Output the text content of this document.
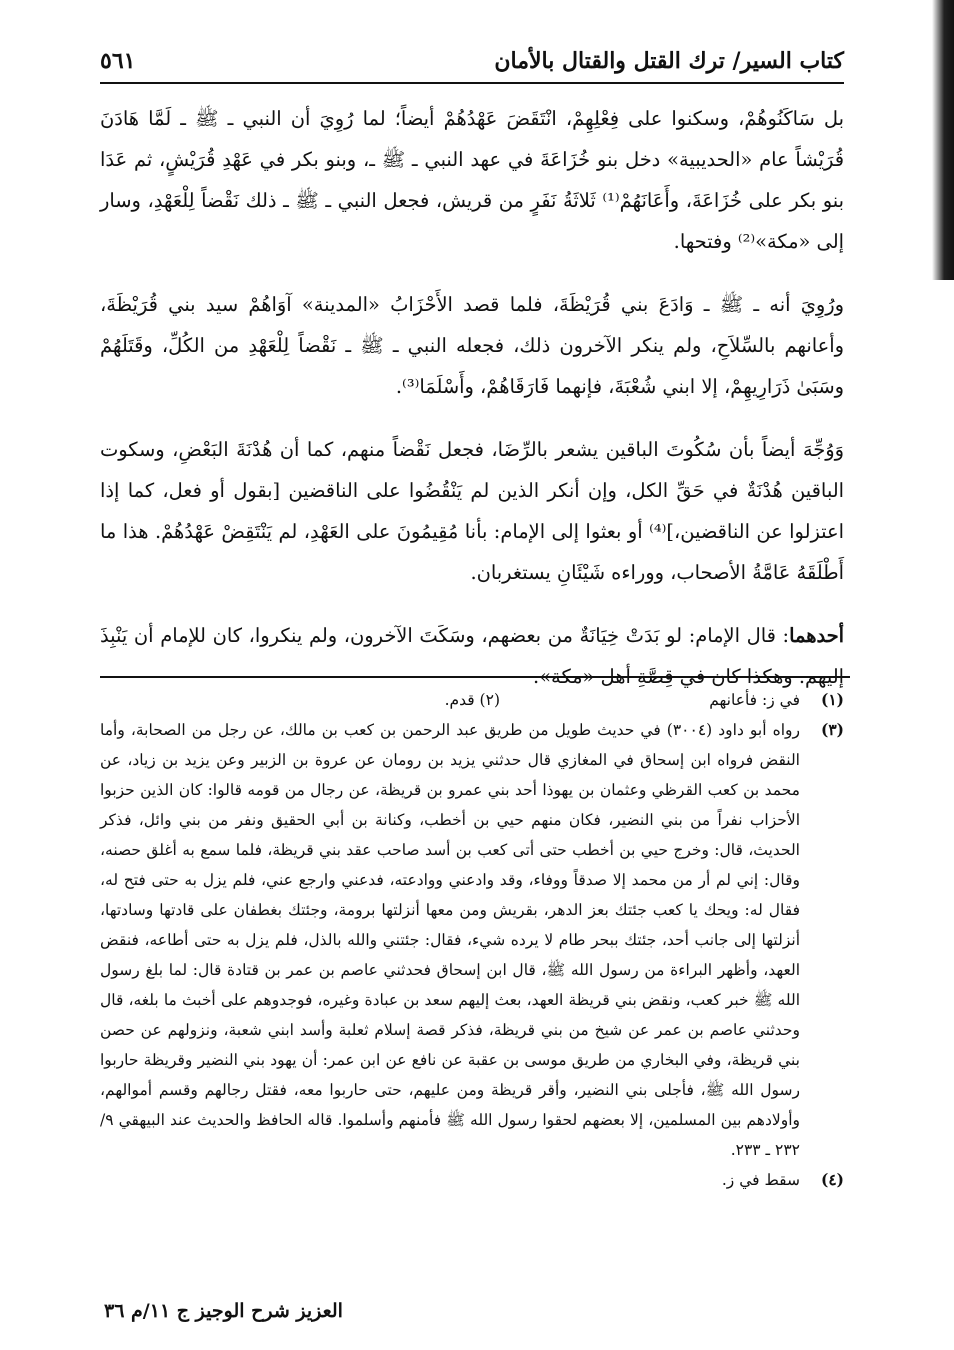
كتاب السير/ ترك القتل والقتال بالأمان
٥٦١

بل سَاكَنُوهُمْ، وسكنوا على فِعْلِهِمْ، انْتَقَضَ عَهْدُهُمْ أيضاً؛ لما رُوِيَ أن النبي ـ ﷺ ـ لَمَّا هَادَنَ قُرَيْشاً عام «الحديبية» دخل بنو خُزَاعَةَ في عهد النبي ـ ﷺ ـ، وبنو بكر في عَهْدِ قُرَيْشٍ، ثم عَدَا بنو بكر على خُزَاعَةَ، وأَعَانَهُمْ⁽¹⁾ ثَلاثَةُ نَفَرٍ من قريش، فجعل النبي ـ ﷺ ـ ذلك نَقْضاً لِلْعَهْدِ، وسار إلى «مكة»⁽²⁾ وفتحها.

ورُوِيَ أنه ـ ﷺ ـ وَادَعَ بني قُرَيْظَةَ، فلما قصد الأَحْزَابُ «المدينة» آوَاهُمْ سيد بني قُرَيْظَةَ، وأعانهم بالسِّلاَحِ، ولم ينكر الآخرون ذلك، فجعله النبي ـ ﷺ ـ نَقْضاً لِلْعَهْدِ من الكُلِّ، وقَتَلَهُمْ وسَبَىٰ ذَرَارِيهِمْ، إلا ابني شُعْبَةَ، فإنهما فَارَقَاهُمْ، وأَسْلَمَا⁽³⁾.

وَوُجِّهَ أيضاً بأن سُكُوتَ الباقين يشعر بالرِّضَا، فجعل نَقْضاً منهم، كما أن هُدْنَةَ البَعْضِ، وسكوت الباقين هُدْنَةٌ في حَقِّ الكل، وإن أنكر الذين لم يَنْقُضُوا على الناقضين [بقول أو فعل، كما إذا اعتزلوا عن الناقضين،]⁽⁴⁾ أو بعثوا إلى الإمام: بأنا مُقِيمُونَ على العَهْدِ، لم يَنْتَقِضْ عَهْدُهُمْ. هذا ما أَطْلَقَهُ عَامَّةُ الأصحاب، ووراءه شَيْئَانِ يستغربان.

أحدهما: قال الإمام: لو بَدَتْ خِيَانَةٌ من بعضهم، وسَكَتَ الآخرون، ولم ينكروا، كان للإمام أن يَنْبِذَ إليهم. وهكذا كان في قِصَّةِ أهل «مكة».

(١)
في ز: فأعانهم
(٢) قدم.
(٣)
رواه أبو داود (٣٠٠٤) في حديث طويل من طريق عبد الرحمن بن كعب بن مالك، عن رجل من الصحابة، وأما النقض فرواه ابن إسحاق في المغازي قال حدثني يزيد بن رومان عن عروة بن الزبير وعن يزيد بن زياد، عن محمد بن كعب القرظي وعثمان بن يهوذا أحد بني عمرو بن قريظة، عن رجال من قومه قالوا: كان الذين حزبوا الأحزاب نفراً من بني النضير، فكان منهم حيي بن أخطب، وكنانة بن أبي الحقيق ونفر من بني وائل، فذكر الحديث، قال: وخرج حيي بن أخطب حتى أتى كعب بن أسد صاحب عقد بني قريظة، فلما سمع به أغلق حصنه، وقال: إني لم أر من محمد إلا صدقاً ووفاء، وقد وادعني ووادعته، فدعني وارجع عني، فلم يزل به حتى فتح له، فقال له: ويحك يا كعب جئتك بعز الدهر، بقريش ومن معها أنزلتها برومة، وجئتك بغطفان على قادتها وسادتها، أنزلتها إلى جانب أحد، جئتك ببحر طام لا يرده شيء، فقال: جئتني والله بالذل، فلم يزل به حتى أطاعه، فنقض العهد، وأظهر البراءة من رسول الله ﷺ، قال ابن إسحاق فحدثني عاصم بن عمر بن قتادة قال: لما بلغ رسول الله ﷺ خبر كعب، ونقض بني قريظة العهد، بعث إليهم سعد بن عبادة وغيره، فوجدوهم على أخبث ما بلغه، قال وحدثني عاصم بن عمر عن شيخ من بني قريظة، فذكر قصة إسلام ثعلبة وأسد ابني شعبة، ونزولهم عن حصن بني قريظة، وفي البخاري من طريق موسى بن عقبة عن نافع عن ابن عمر: أن يهود بني النضير وقريظة حاربوا رسول الله ﷺ، فأجلى بني النضير، وأقر قريظة ومن عليهم، حتى حاربوا معه، فقتل رجالهم وقسم أموالهم، وأولادهم بين المسلمين، إلا بعضهم لحقوا رسول الله ﷺ فأمنهم وأسلموا. قاله الحافظ والحديث عند البيهقي ٩/ ٢٣٢ ـ ٢٣٣.
(٤)
سقط في ز.
العزيز شرح الوجيز ج ١١/م ٣٦
